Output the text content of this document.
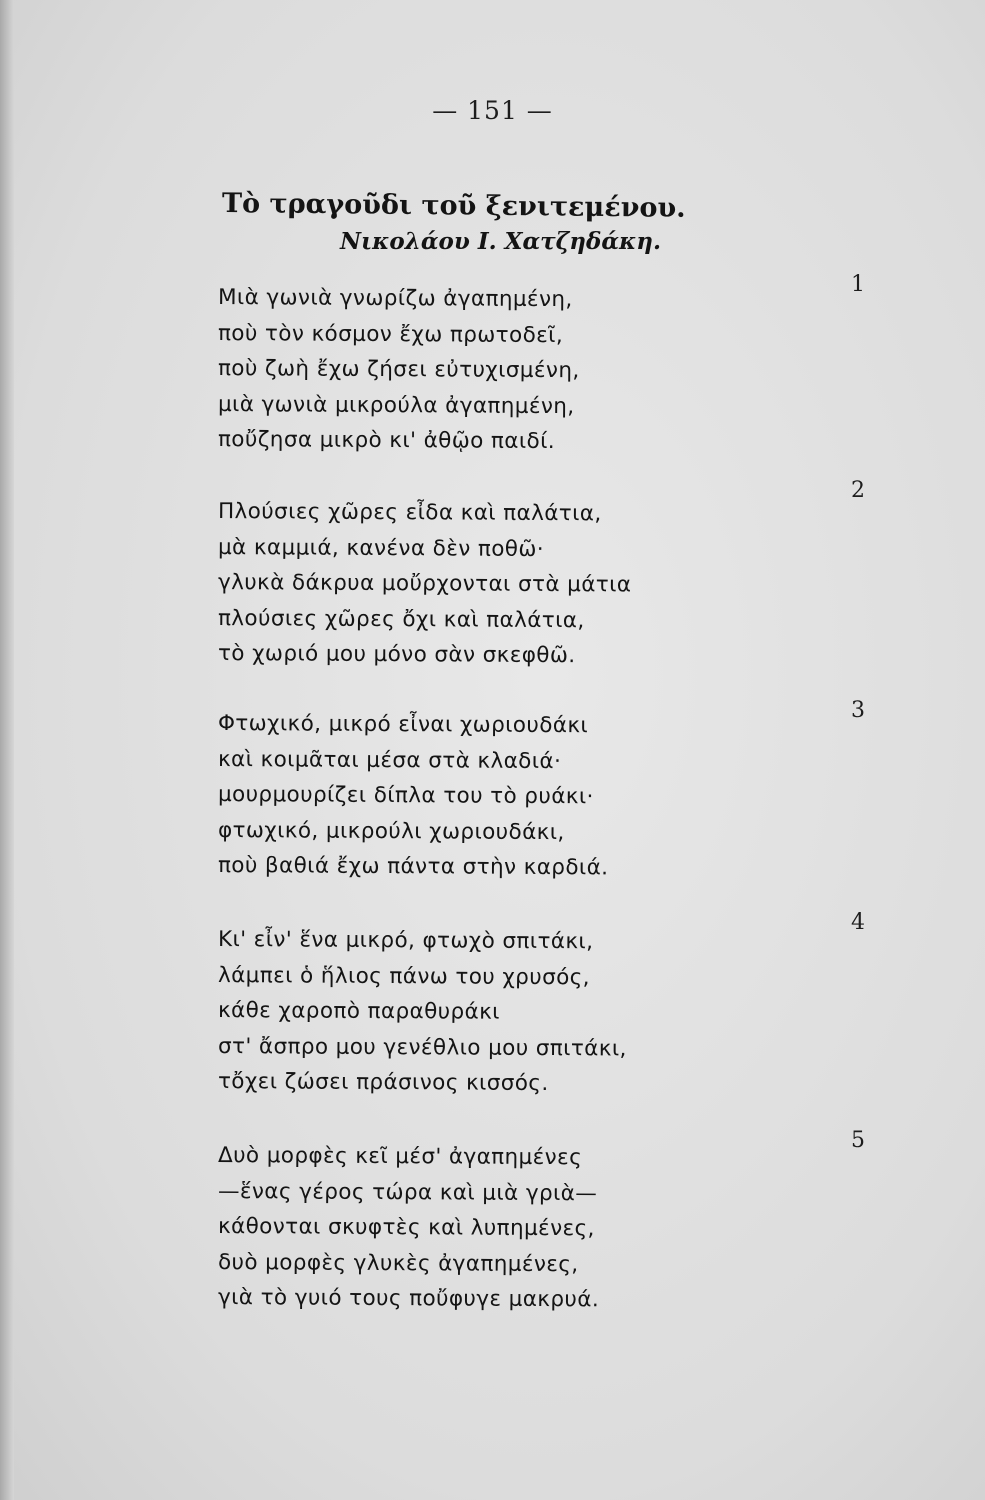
— 151 —
Τὸ τραγοῦδι τοῦ ξενιτεμένου.
Νικολάου Ι. Χατζηδάκη.
1
Μιὰ γωνιὰ γνωρίζω ἀγαπημένη,
ποὺ τὸν κόσμον ἔχω πρωτοδεῖ,
ποὺ ζωὴ ἔχω ζήσει εὐτυχισμένη,
μιὰ γωνιὰ μικρούλα ἀγαπημένη,
ποὔζησα μικρὸ κι' ἀθῷο παιδί.
2
Πλούσιες χῶρες εἶδα καὶ παλάτια,
μὰ καμμιά, κανένα δὲν ποθῶ·
γλυκὰ δάκρυα μοὔρχονται στὰ μάτια
πλούσιες χῶρες ὄχι καὶ παλάτια,
τὸ χωριό μου μόνο σὰν σκεφθῶ.
3
Φτωχικό, μικρό εἶναι χωριουδάκι
καὶ κοιμᾶται μέσα στὰ κλαδιά·
μουρμουρίζει δίπλα του τὸ ρυάκι·
φτωχικό, μικρούλι χωριουδάκι,
ποὺ βαθιά ἔχω πάντα στὴν καρδιά.
4
Κι' εἶν' ἕνα μικρό, φτωχὸ σπιτάκι,
λάμπει ὁ ἥλιος πάνω του χρυσός,
κάθε χαροπὸ παραθυράκι
στ' ἄσπρο μου γενέθλιο μου σπιτάκι,
τὄχει ζώσει πράσινος κισσός.
5
Δυὸ μορφὲς κεῖ μέσ' ἀγαπημένες
—ἕνας γέρος τώρα καὶ μιὰ γριὰ—
κάθονται σκυφτὲς καὶ λυπημένες,
δυὸ μορφὲς γλυκὲς ἀγαπημένες,
γιὰ τὸ γυιό τους ποὔφυγε μακρυά.
